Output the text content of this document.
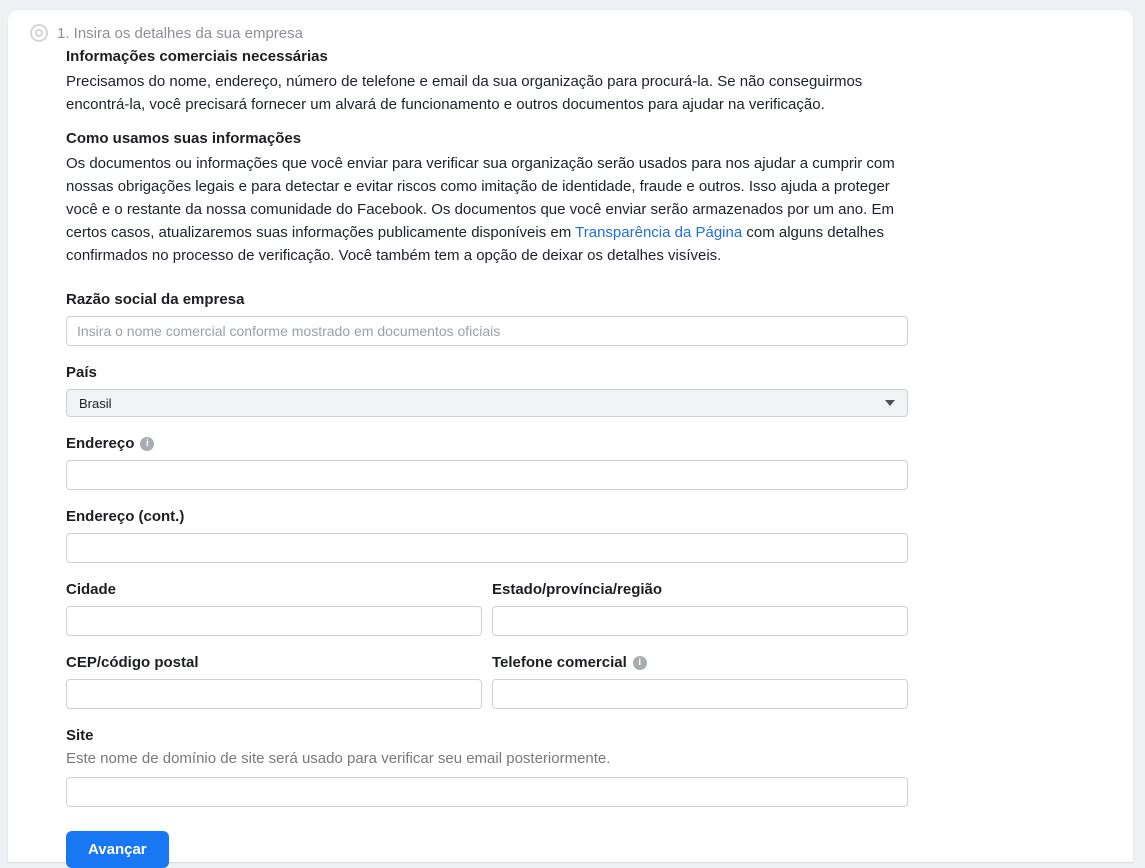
1. Insira os detalhes da sua empresa
Informações comerciais necessárias
Precisamos do nome, endereço, número de telefone e email da sua organização para procurá-la. Se não conseguirmos encontrá-la, você precisará fornecer um alvará de funcionamento e outros documentos para ajudar na verificação.
Como usamos suas informações
Os documentos ou informações que você enviar para verificar sua organização serão usados para nos ajudar a cumprir com nossas obrigações legais e para detectar e evitar riscos como imitação de identidade, fraude e outros. Isso ajuda a proteger você e o restante da nossa comunidade do Facebook. Os documentos que você enviar serão armazenados por um ano. Em certos casos, atualizaremos suas informações publicamente disponíveis em Transparência da Página com alguns detalhes confirmados no processo de verificação. Você também tem a opção de deixar os detalhes visíveis.
Razão social da empresa
Insira o nome comercial conforme mostrado em documentos oficiais
País
Brasil
Endereço	i
Endereço (cont.)
Cidade	Estado/província/região
CEP/código postal	Telefone comercial	i
Site
Este nome de domínio de site será usado para verificar seu email posteriormente.
Avançar
